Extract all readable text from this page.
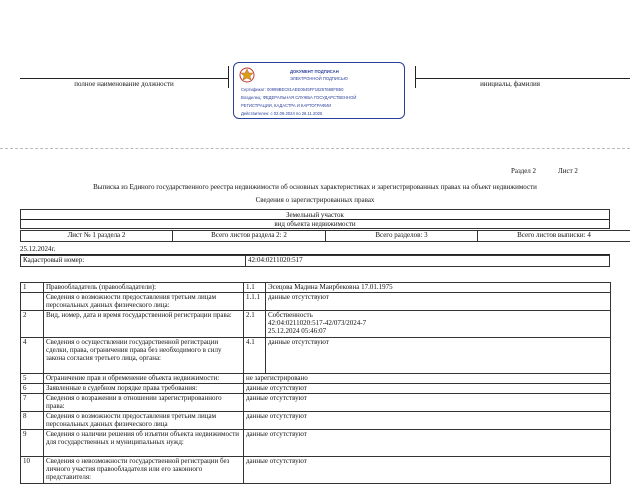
полное наименование должности	инициалы, фамилия
ДОКУМЕНТ ПОДПИСАН
ЭЛЕКТРОННОЙ ПОДПИСЬЮ
Сертификат: 00999BEC81AEE0645FF18257668FB50
Владелец: ФЕДЕРАЛЬНАЯ СЛУЖБА ГОСУДАРСТВЕННОЙ
РЕГИСТРАЦИИ, КАДАСТРА И КАРТОГРАФИИ
Действителен: с 02.09.2024 по 26.11.2025
Раздел 2	Лист 2
Выписка из Единого государственного реестра недвижимости об основных характеристиках и зарегистрированных правах на объект недвижимости
Сведения о зарегистрированных правах
Земельный участок
вид объекта недвижимости
Лист № 1 раздела 2	Всего листов раздела 2: 2	Всего разделов: 3	Всего листов выписки: 4
25.12.2024г.
Кадастровый номер:	42:04:0211020:517
1	Правообладатель (правообладатели):	1.1	Эсецова Мадина Маирбековна 17.01.1975
	Сведения о возможности предоставления третьим лицам персональных данных физического лица:	1.1.1	данные отсутствуют
2	Вид, номер, дата и время государственной регистрации права:	2.1	Собственность
42:04:0211020:517-42/073/2024-7
25.12.2024 05:46:07
4	Сведения о осуществлении государственной регистрации сделки, права, ограничения права без необходимого в силу закона согласия третьего лица, органа:	4.1	данные отсутствуют
5	Ограничение прав и обременение объекта недвижимости:	не зарегистрировано	
6	Заявленные в судебном порядке права требования:	данные отсутствуют	
7	Сведения о возражении в отношении зарегистрированного права:	данные отсутствуют	
8	Сведения о возможности предоставления третьим лицам персональных данных физического лица	данные отсутствуют	
9	Сведения о наличии решения об изъятии объекта недвижимости для государственных и муниципальных нужд:	данные отсутствуют	
10	Сведения о невозможности государственной регистрации без личного участия правообладателя или его законного представителя:	данные отсутствуют	
